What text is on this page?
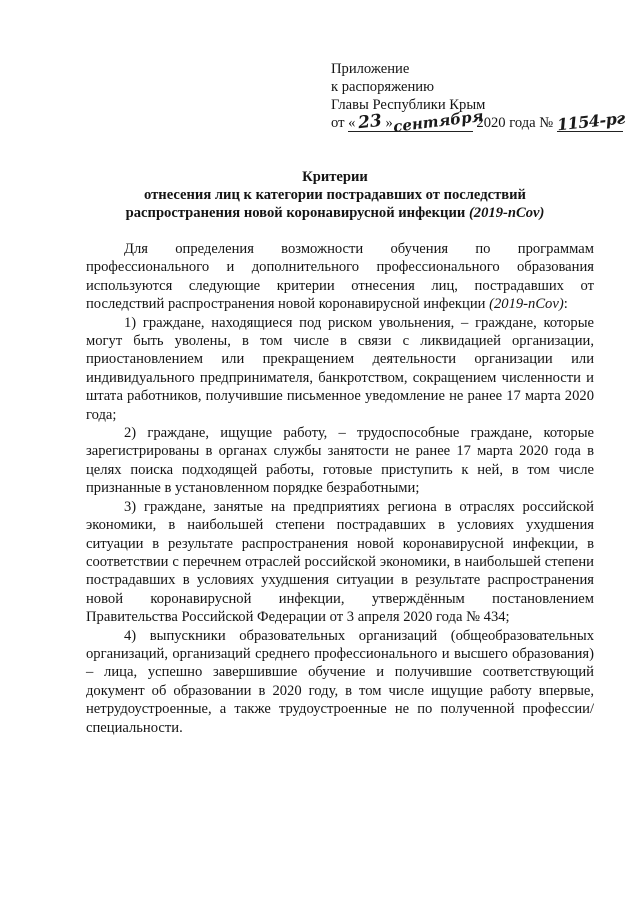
Приложение
к распоряжению
Главы Республики Крым
от
« 23 » сентября

2020 года №
1154-рг
Критерии
отнесения лиц к категории пострадавших от последствий
распространения новой коронавирусной инфекции (2019-nCov)

Для определения возможности обучения по программам профессионального и дополнительного профессионального образования используются следующие критерии отнесения лиц, пострадавших от последствий распространения новой коронавирусной инфекции (2019-nCov):

1) граждане, находящиеся под риском увольнения, – граждане, которые могут быть уволены, в том числе в связи с ликвидацией организации, приостановлением или прекращением деятельности организации или индивидуального предпринимателя, банкротством, сокращением численности и штата работников, получившие письменное уведомление не ранее 17 марта 2020 года;

2) граждане, ищущие работу, – трудоспособные граждане, которые зарегистрированы в органах службы занятости не ранее 17 марта 2020 года в целях поиска подходящей работы, готовые приступить к ней, в том числе признанные в установленном порядке безработными;

3) граждане, занятые на предприятиях региона в отраслях российской экономики, в наибольшей степени пострадавших в условиях ухудшения ситуации в результате распространения новой коронавирусной инфекции, в соответствии с перечнем отраслей российской экономики, в наибольшей степени пострадавших в условиях ухудшения ситуации в результате распространения новой коронавирусной инфекции, утверждённым постановлением Правительства Российской Федерации от 3 апреля 2020 года № 434;

4) выпускники образовательных организаций (общеобразовательных организаций, организаций среднего профессионального и высшего образования) – лица, успешно завершившие обучение и получившие соответствующий документ об образовании в 2020 году, в том числе ищущие работу впервые, нетрудоустроенные, а также трудоустроенные не по полученной профессии/специальности.
